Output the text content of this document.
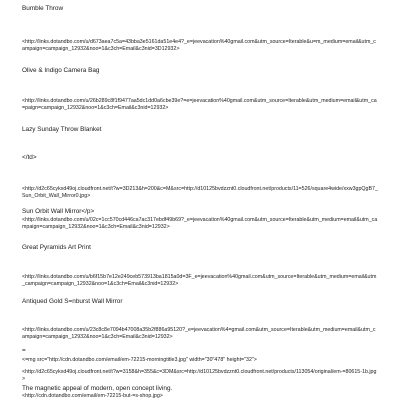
Bumble Throw
<http://links.dotandbo.com/u/d673aea7c5a=43bba3e5161da51e4e4?_e=jeevacation%40gmail.com&utm_source=Iterable&u=m_medium=email&utm_campaign=campaign_12932&noo=1&c3ch=Email&c3nid=3D12932>
Olive & Indigo Camera Bag
<http://links.dotandbo.com/u/26b289c8f1f9477aa5dc1dd0a6cbe39e?=e=jeevacation%40gmail.com&utm_source=Iterable&utm_medium=email&utm_ca=paign=campaign_12932&noo=1&c3ch=Email&c3nid=12932>
Lazy Sunday Throw Blanket
</td>
<http://d2c65cykxd49oj.cloudfront.net/t?w=3D213&h=200&c=M&src=http://d10125bvdzznt0.cloudfront.net/products/11=526/square4wide/xxw3gpQgB7_Sun_Orbit_Wall_Mirror0.jpg>
Sun Orbit Wall Mirror</p>
<http://links.dotandbo.com/u/02c=1cc570cd446ca7ac317ebdf49b69?_e=jeevacation%40gmail.com&utm_source=Iterable&utm_medium=email&utm_campaign=campaign_12932&noo=1&c3ch=Email&c3nid=12932>
Great Pyramids Art Print
<http://links.dotandbo.com/u/b6f15b7e12e249ceb573913ba1815a0d=3F_e=jeevacation%40gmail.com&utm_source=Iterable&utm_medium=email&utm_campaign=campaign_12932&noo=1&c3ch=Email&c3nid=12932>
Antiqued Gold S=nburst Wall Mirror
<http://links.dotandbo.com/u/23c8c8e7094b47008a35b2f886a95120?_e=jeevacation%4=gmail.com&utm_source=Iterable&utm_medium=email&utm_campaign=campaign_12932&noo=1&c3ch=Email&c3nid=12932>
=
<=mg src="http://cdn.dotandbo.com/email/em-72215-morningtitle3.jpg" width="30"478" height="32">
<http://d2c65cykxd49oj.cloudfront.net/t?w=3158&h=355&c=3DM&src=http://d10125bvdzznt0.cloudfront.net/products/113054/original/em-=80615-1b.jpg>
The magnetic appeal of modern, open concept living.
<http://cdn.dotandbo.com/email/em-72215-but-=s-shop.jpg>
